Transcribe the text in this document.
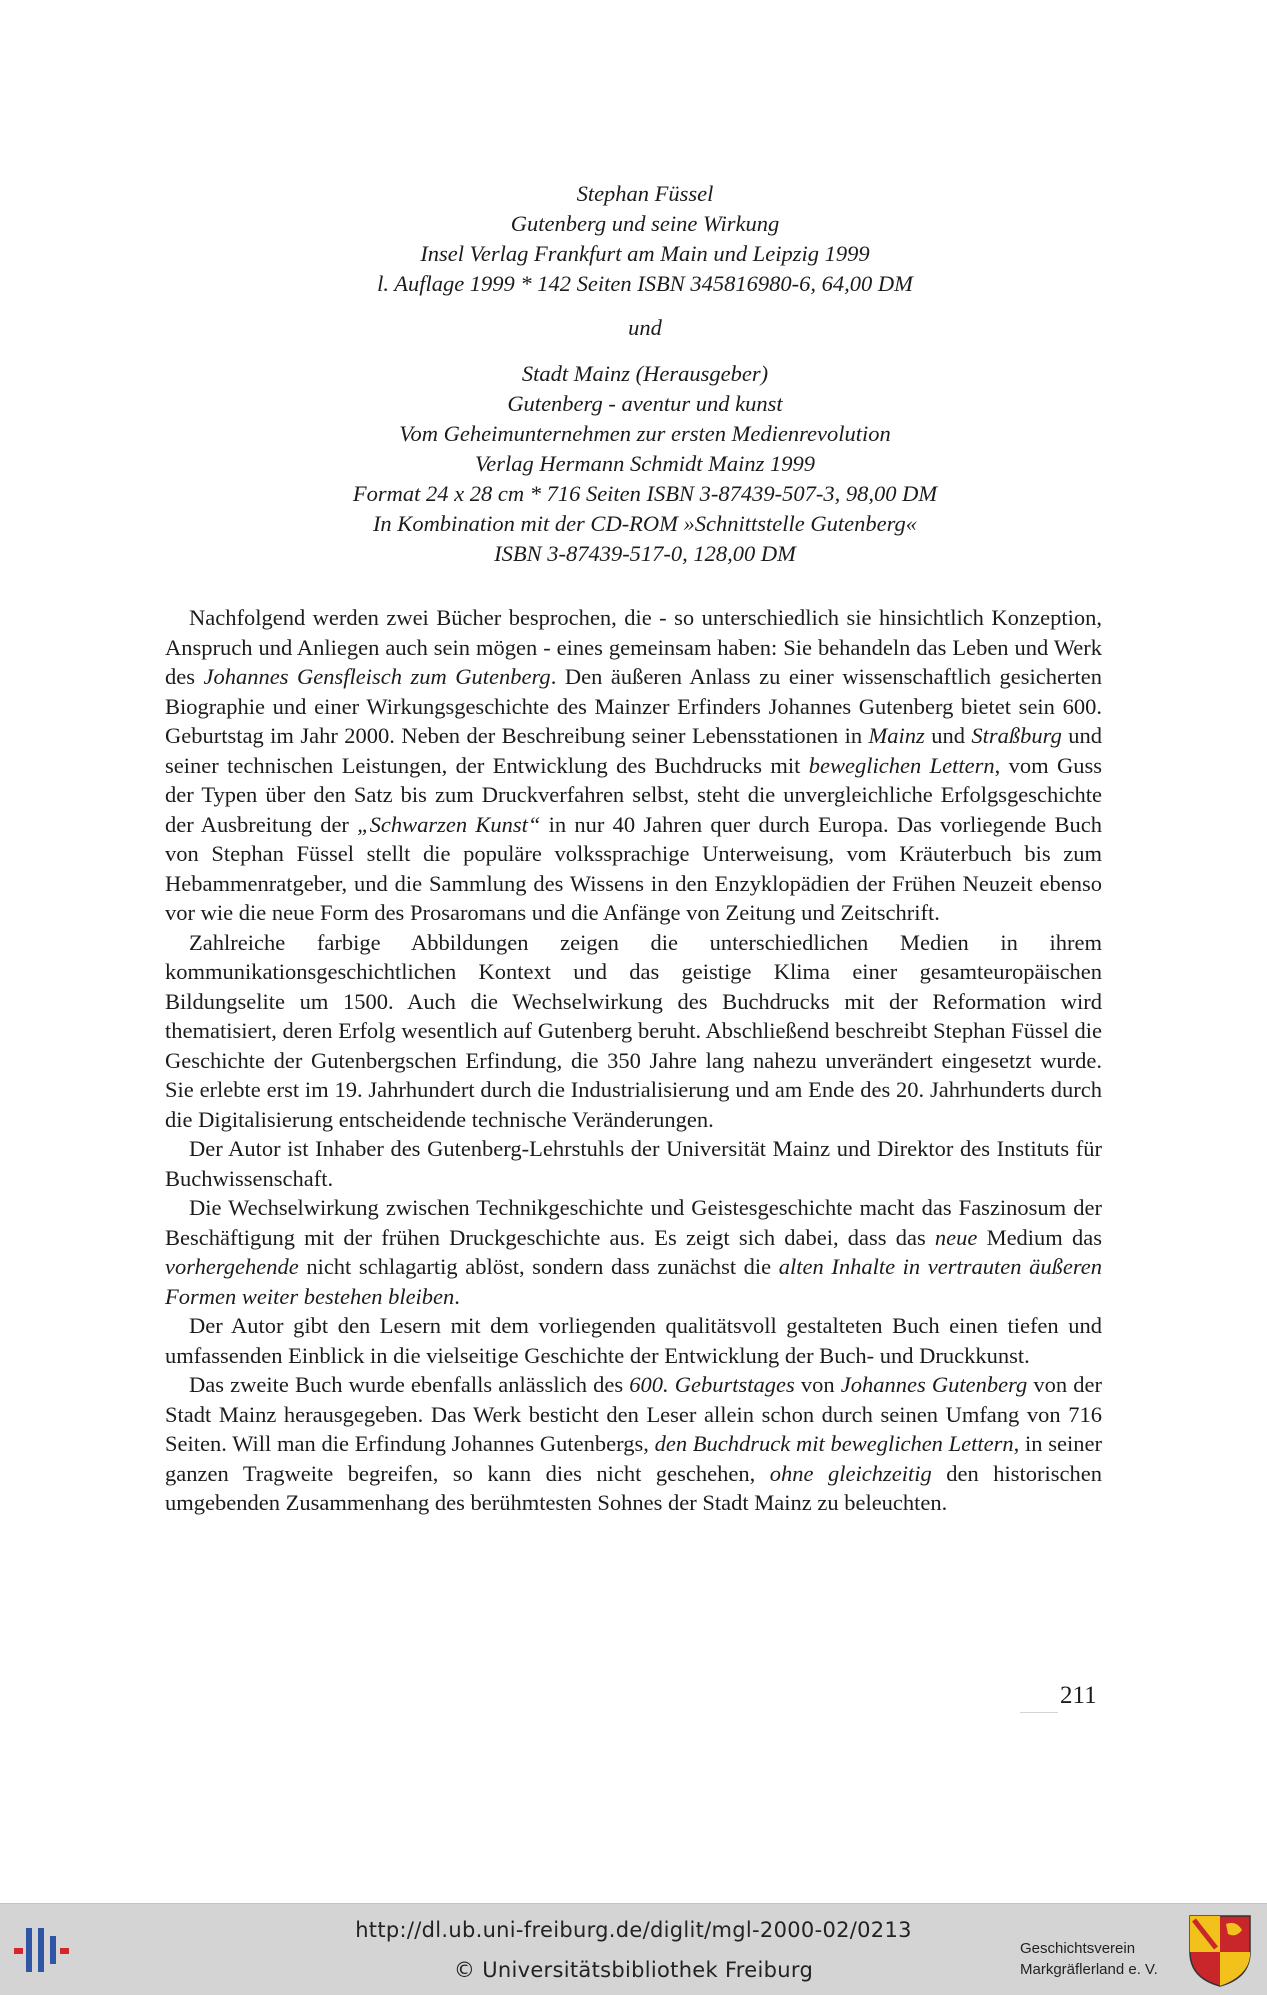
Stephan Füssel
Gutenberg und seine Wirkung
Insel Verlag Frankfurt am Main und Leipzig 1999
l. Auflage 1999 * 142 Seiten ISBN 345816980-6, 64,00 DM
und
Stadt Mainz (Herausgeber)
Gutenberg - aventur und kunst
Vom Geheimunternehmen zur ersten Medienrevolution
Verlag Hermann Schmidt Mainz 1999
Format 24 x 28 cm * 716 Seiten ISBN 3-87439-507-3, 98,00 DM
In Kombination mit der CD-ROM »Schnittstelle Gutenberg«
ISBN 3-87439-517-0, 128,00 DM

Nachfolgend werden zwei Bücher besprochen, die - so unterschiedlich sie hinsichtlich Konzeption, Anspruch und Anliegen auch sein mögen - eines gemeinsam haben: Sie behandeln das Leben und Werk des Johannes Gensfleisch zum Gutenberg. Den äußeren Anlass zu einer wissenschaftlich gesicherten Biographie und einer Wirkungsgeschichte des Mainzer Erfinders Johannes Gutenberg bietet sein 600. Geburtstag im Jahr 2000. Neben der Beschreibung seiner Lebensstationen in Mainz und Straßburg und seiner technischen Leistungen, der Entwicklung des Buchdrucks mit beweglichen Lettern, vom Guss der Typen über den Satz bis zum Druckverfahren selbst, steht die unvergleichliche Erfolgsgeschichte der Ausbreitung der „Schwarzen Kunst“ in nur 40 Jahren quer durch Europa. Das vorliegende Buch von Stephan Füssel stellt die populäre volkssprachige Unterweisung, vom Kräuterbuch bis zum Hebammenratgeber, und die Sammlung des Wissens in den Enzyklopädien der Frühen Neuzeit ebenso vor wie die neue Form des Prosaromans und die Anfänge von Zeitung und Zeitschrift.

Zahlreiche farbige Abbildungen zeigen die unterschiedlichen Medien in ihrem kommunikationsgeschichtlichen Kontext und das geistige Klima einer gesamteuropäischen Bildungselite um 1500. Auch die Wechselwirkung des Buchdrucks mit der Reformation wird thematisiert, deren Erfolg wesentlich auf Gutenberg beruht. Abschließend beschreibt Stephan Füssel die Geschichte der Gutenbergschen Erfindung, die 350 Jahre lang nahezu unverändert eingesetzt wurde. Sie erlebte erst im 19. Jahrhundert durch die Industrialisierung und am Ende des 20. Jahrhunderts durch die Digitalisierung entscheidende technische Veränderungen.

Der Autor ist Inhaber des Gutenberg-Lehrstuhls der Universität Mainz und Direktor des Instituts für Buchwissenschaft.

Die Wechselwirkung zwischen Technikgeschichte und Geistesgeschichte macht das Faszinosum der Beschäftigung mit der frühen Druckgeschichte aus. Es zeigt sich dabei, dass das neue Medium das vorhergehende nicht schlagartig ablöst, sondern dass zunächst die alten Inhalte in vertrauten äußeren Formen weiter bestehen bleiben.

Der Autor gibt den Lesern mit dem vorliegenden qualitätsvoll gestalteten Buch einen tiefen und umfassenden Einblick in die vielseitige Geschichte der Entwicklung der Buch- und Druckkunst.

Das zweite Buch wurde ebenfalls anlässlich des 600. Geburtstages von Johannes Gutenberg von der Stadt Mainz herausgegeben. Das Werk besticht den Leser allein schon durch seinen Umfang von 716 Seiten. Will man die Erfindung Johannes Gutenbergs, den Buchdruck mit beweglichen Lettern, in seiner ganzen Tragweite begreifen, so kann dies nicht geschehen, ohne gleichzeitig den historischen umgebenden Zusammenhang des berühmtesten Sohnes der Stadt Mainz zu beleuchten.

211
http://dl.ub.uni-freiburg.de/diglit/mgl-2000-02/0213
© Universitätsbibliothek Freiburg
Geschichtsverein
Markgräflerland e. V.
